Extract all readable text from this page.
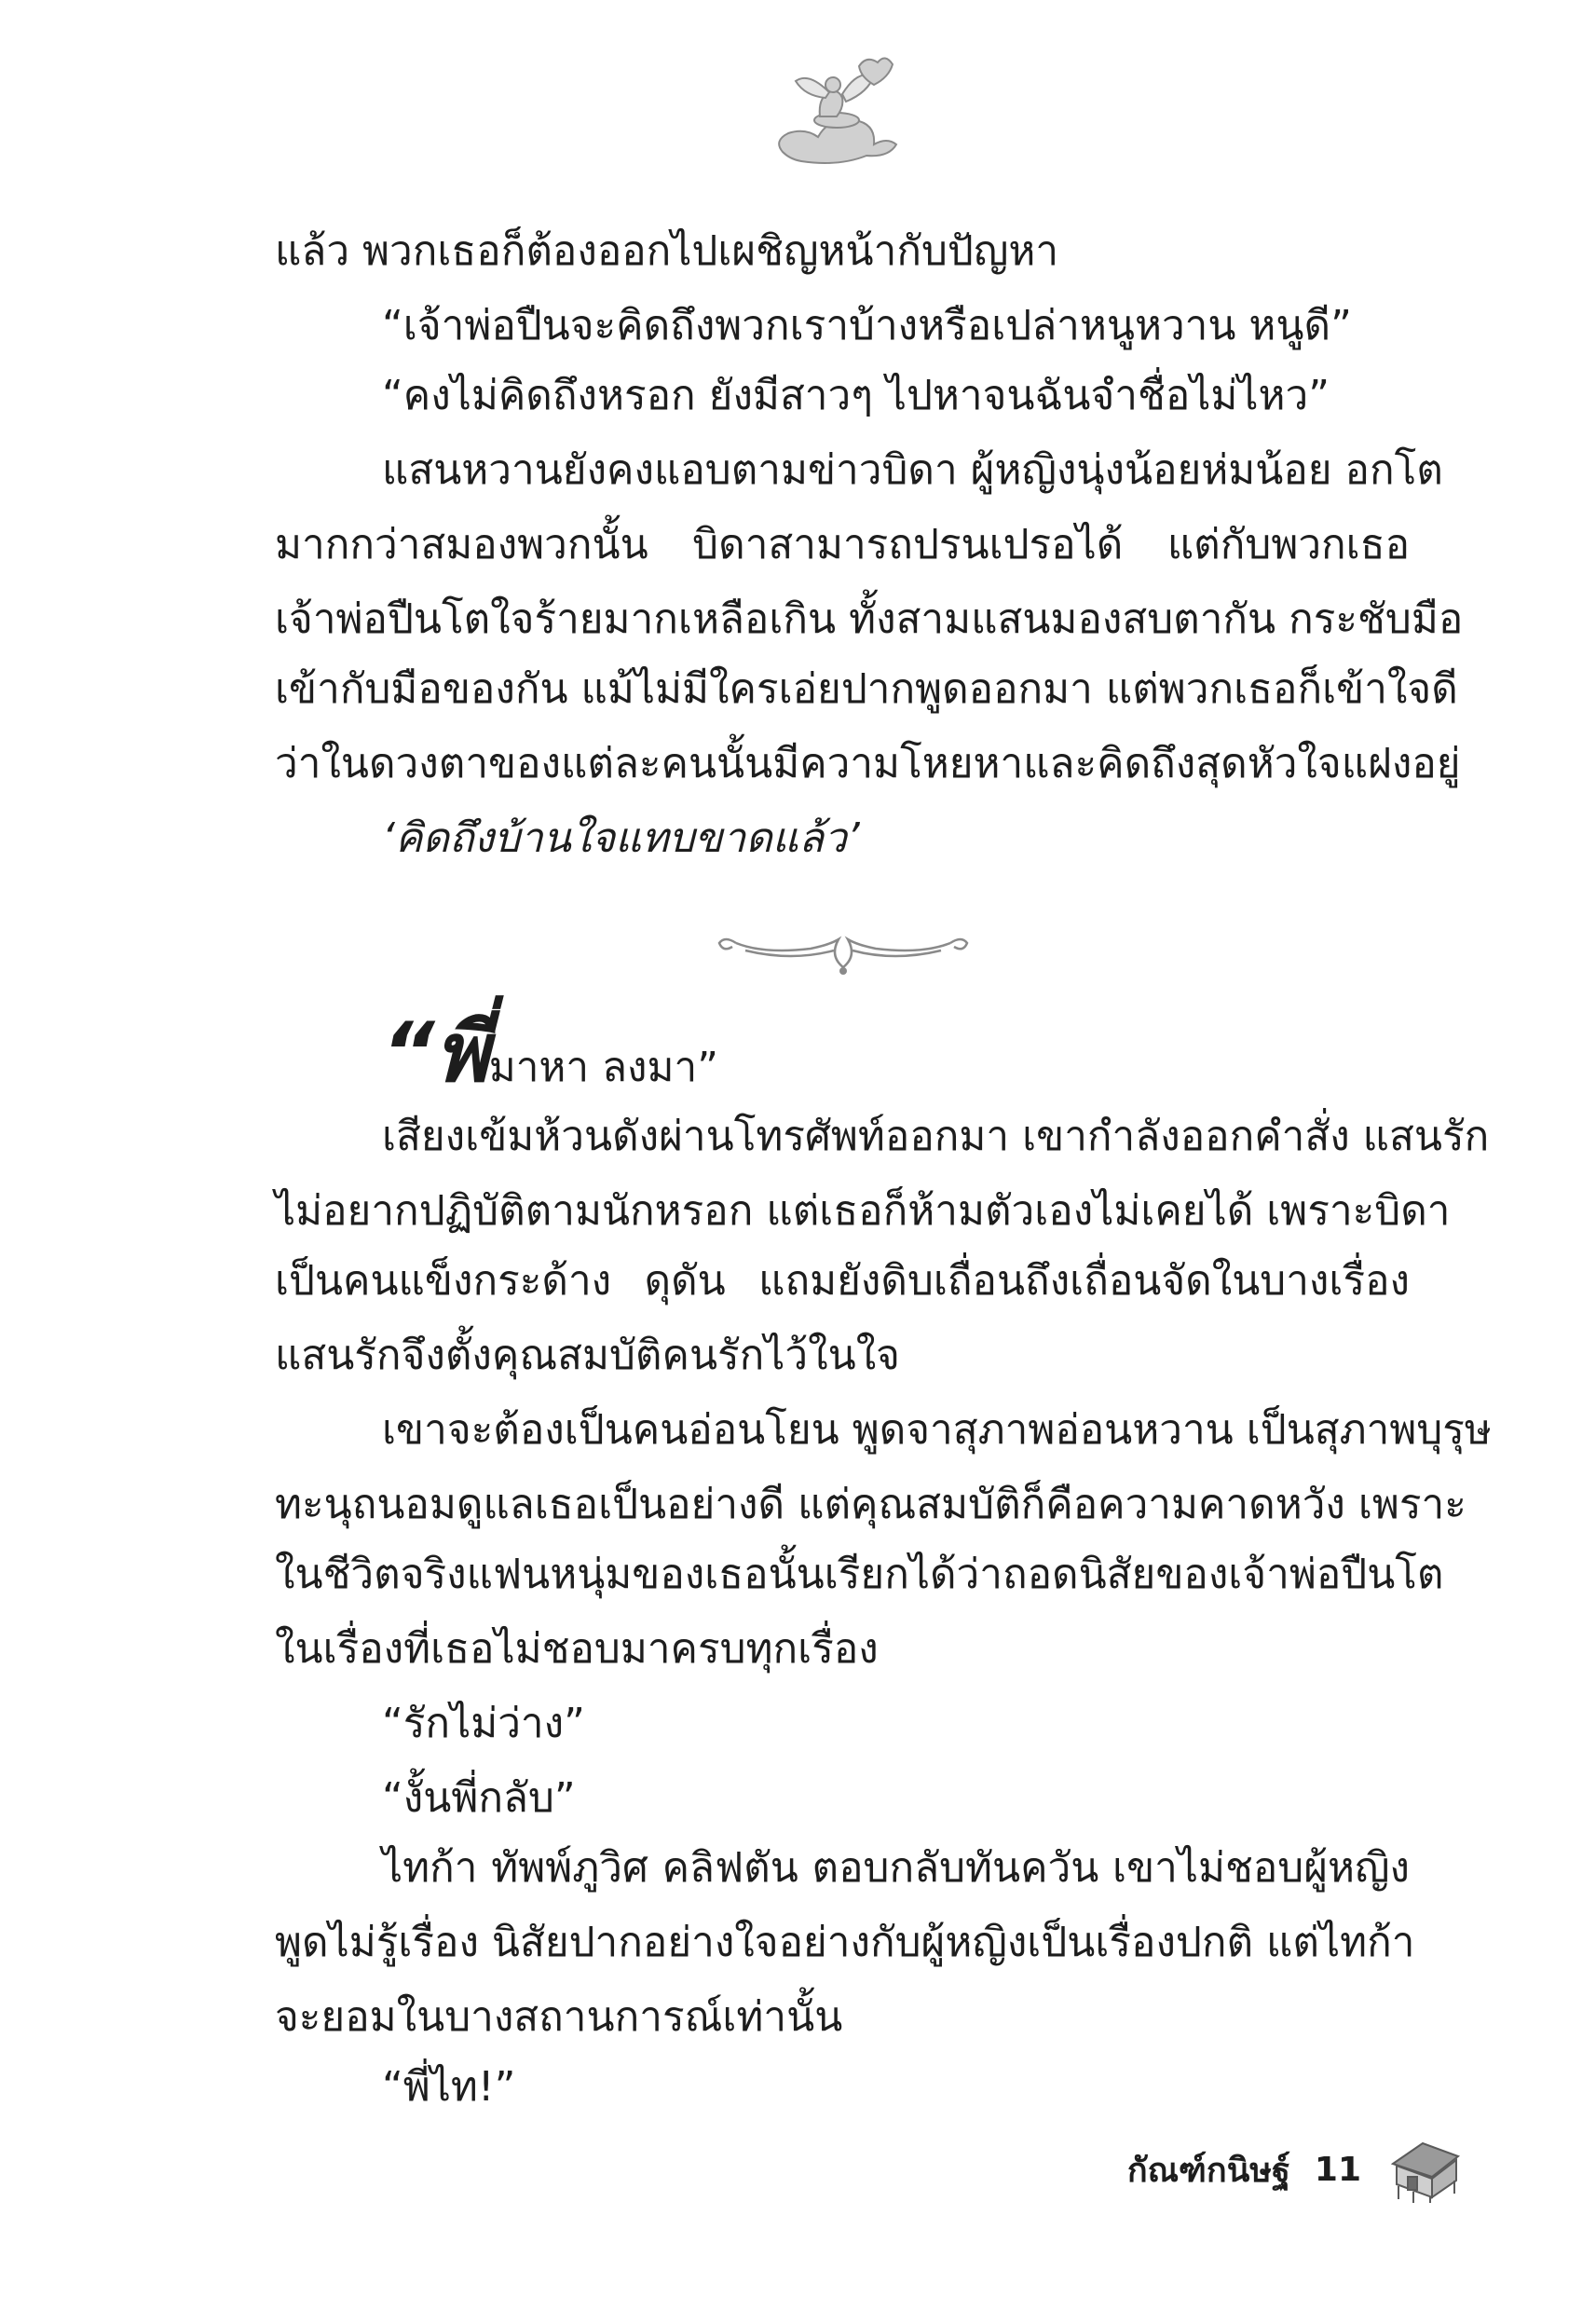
แล้ว พวกเธอก็ต้องออกไปเผชิญหน้ากับปัญหา

“เจ้าพ่อปืนจะคิดถึงพวกเราบ้างหรือเปล่าหนูหวาน หนูดี”

“คงไม่คิดถึงหรอก ยังมีสาวๆ ไปหาจนฉันจำชื่อไม่ไหว”

แสนหวานยังคงแอบตามข่าวบิดา ผู้หญิงนุ่งน้อยห่มน้อย อกโต

มากกว่าสมองพวกนั้น บิดาสามารถปรนเปรอได้ แต่กับพวกเธอ

เจ้าพ่อปืนโตใจร้ายมากเหลือเกิน ทั้งสามแสนมองสบตากัน กระชับมือ

เข้ากับมือของกัน แม้ไม่มีใครเอ่ยปากพูดออกมา แต่พวกเธอก็เข้าใจดี

ว่าในดวงตาของแต่ละคนนั้นมีความโหยหาและคิดถึงสุดหัวใจแฝงอยู่

‘คิดถึงบ้านใจแทบขาดแล้ว’

“พี่มาหา ลงมา”

เสียงเข้มห้วนดังผ่านโทรศัพท์ออกมา เขากำลังออกคำสั่ง แสนรัก

ไม่อยากปฏิบัติตามนักหรอก แต่เธอก็ห้ามตัวเองไม่เคยได้ เพราะบิดา

เป็นคนแข็งกระด้าง ดุดัน แถมยังดิบเถื่อนถึงเถื่อนจัดในบางเรื่อง

แสนรักจึงตั้งคุณสมบัติคนรักไว้ในใจ

เขาจะต้องเป็นคนอ่อนโยน พูดจาสุภาพอ่อนหวาน เป็นสุภาพบุรุษ

ทะนุถนอมดูแลเธอเป็นอย่างดี แต่คุณสมบัติก็คือความคาดหวัง เพราะ

ในชีวิตจริงแฟนหนุ่มของเธอนั้นเรียกได้ว่าถอดนิสัยของเจ้าพ่อปืนโต

ในเรื่องที่เธอไม่ชอบมาครบทุกเรื่อง

“รักไม่ว่าง”

“งั้นพี่กลับ”

ไทก้า ทัพพ์ภูวิศ คลิฟตัน ตอบกลับทันควัน เขาไม่ชอบผู้หญิง

พูดไม่รู้เรื่อง นิสัยปากอย่างใจอย่างกับผู้หญิงเป็นเรื่องปกติ แต่ไทก้า

จะยอมในบางสถานการณ์เท่านั้น

“พี่ไท!”

กัณฑ์กนิษฐ์ 11
